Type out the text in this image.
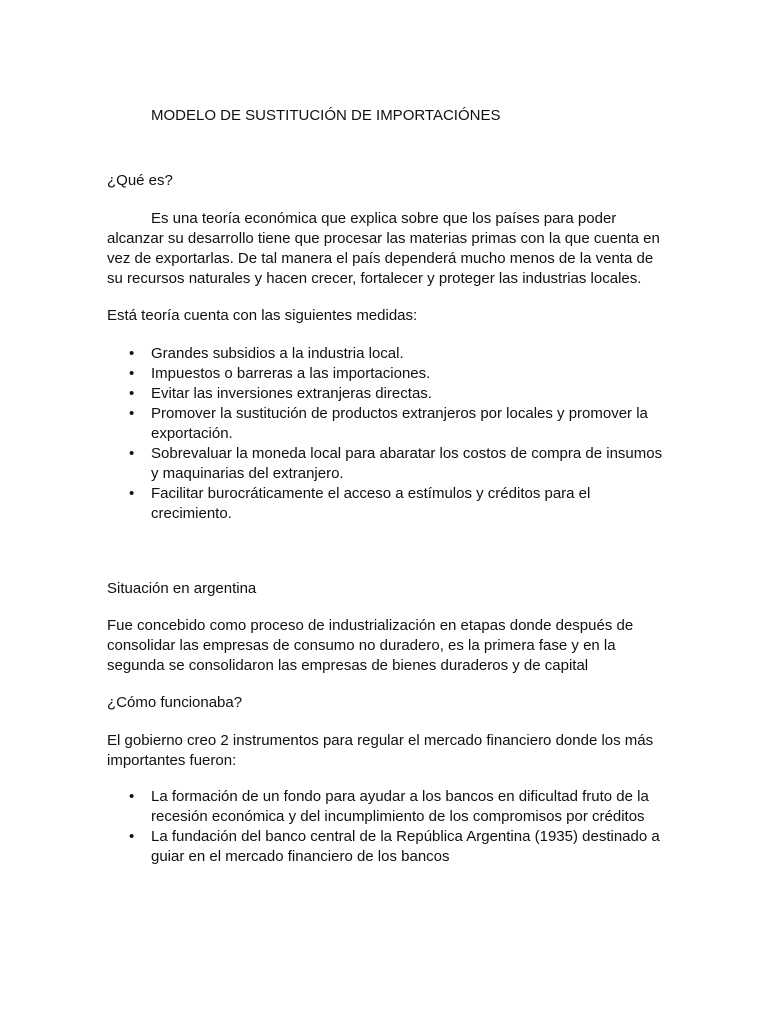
MODELO DE SUSTITUCIÓN DE IMPORTACIÓNES

¿Qué es?

Es una teoría económica que explica sobre que los países para poder alcanzar su desarrollo tiene que procesar las materias primas con la que cuenta en vez de exportarlas. De tal manera el país dependerá mucho menos de la venta de su recursos naturales y hacen crecer, fortalecer y proteger las industrias locales.

Está teoría cuenta con las siguientes medidas:

• Grandes subsidios a la industria local.
• Impuestos o barreras a las importaciones.
• Evitar las inversiones extranjeras directas.
• Promover la sustitución de productos extranjeros por locales y promover la exportación.
• Sobrevaluar la moneda local para abaratar los costos de compra de insumos y maquinarias del extranjero.
• Facilitar burocráticamente el acceso a estímulos y créditos para el crecimiento.

Situación en argentina

Fue concebido como proceso de industrialización en etapas donde después de consolidar las empresas de consumo no duradero, es la primera fase y en la segunda se consolidaron las empresas de bienes duraderos y de capital

¿Cómo funcionaba?

El gobierno creo 2 instrumentos para regular el mercado financiero donde los más importantes fueron:

• La formación de un fondo para ayudar a los bancos en dificultad fruto de la recesión económica y del incumplimiento de los compromisos por créditos
• La fundación del banco central de la República Argentina (1935) destinado a guiar en el mercado financiero de los bancos
